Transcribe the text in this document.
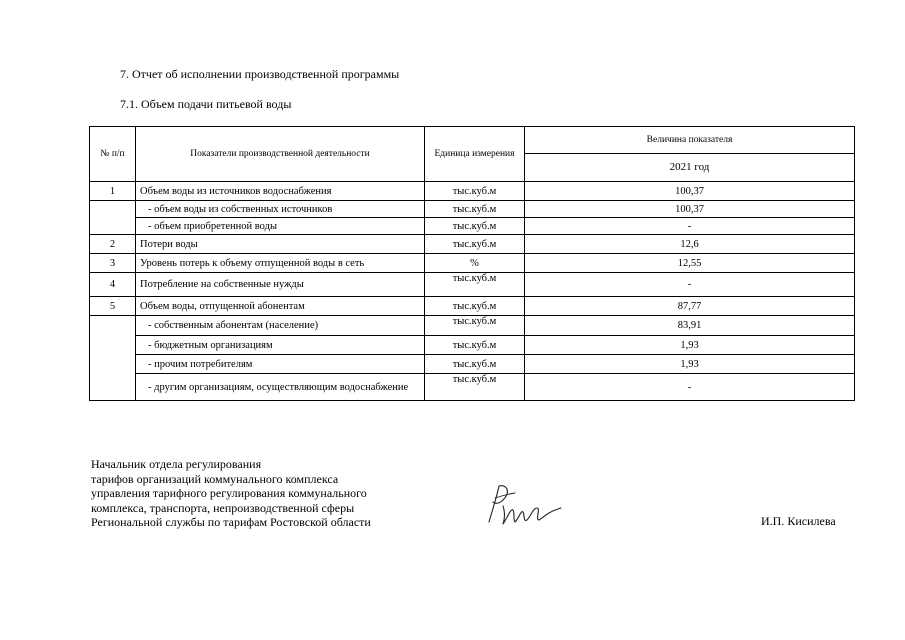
7. Отчет об исполнении производственной программы
7.1. Объем подачи питьевой воды
№ п/п	Показатели производственной деятельности	Единица измерения	Величина показателя
			2021 год
1	Объем воды из источников водоснабжения	тыс.куб.м	100,37
	- объем воды из собственных источников	тыс.куб.м	100,37
	- объем приобретенной воды	тыс.куб.м	-
2	Потери воды	тыс.куб.м	12,6
3	Уровень потерь к объему отпущенной воды в сеть	%	12,55
4	Потребление на собственные нужды	тыс.куб.м	-
5	Объем воды, отпущенной абонентам	тыс.куб.м	87,77
	- собственным абонентам (население)	тыс.куб.м	83,91
	- бюджетным организациям	тыс.куб.м	1,93
	- прочим потребителям	тыс.куб.м	1,93
	- другим организациям, осуществляющим водоснабжение	тыс.куб.м	-
Начальник отдела регулирования
тарифов организаций коммунального комплекса
управления тарифного регулирования коммунального
комплекса, транспорта, непроизводственной сферы
Региональной службы по тарифам Ростовской области	И.П. Кисилева
